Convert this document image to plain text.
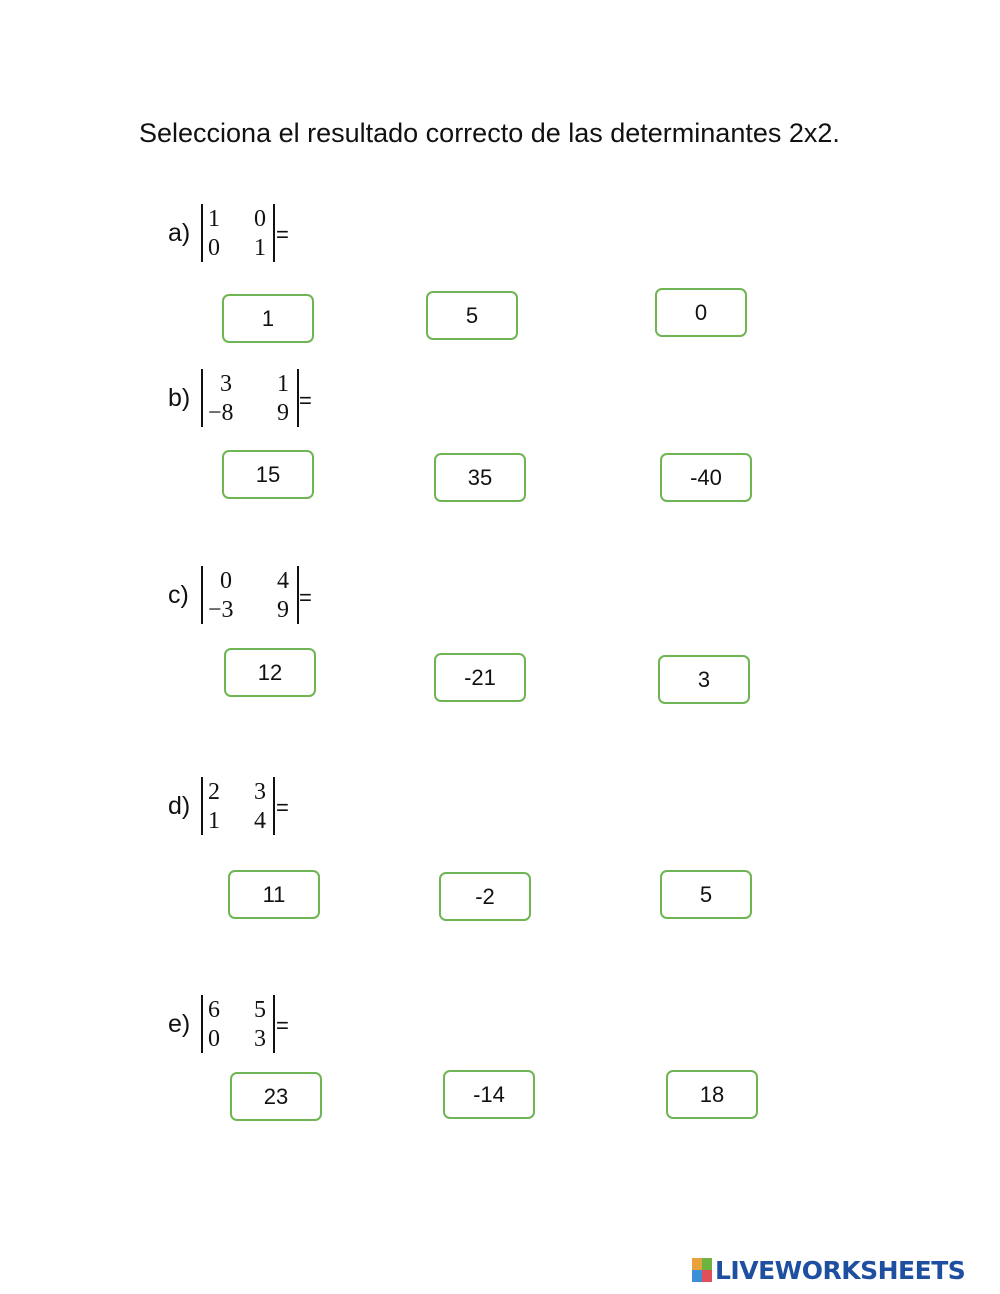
Selecciona el resultado correcto de las determinantes 2x2.

a) 1 0
0 1
=
1	5	0
b)	3 1
−8 9 =
15	35	-40
c)	0 4
−3 9 =
12	-21	3
d) 2 3
1 4
=
11	-2	5
e) 6 5
0 3
=
23	-14	18
LIVEWORKSHEETS
